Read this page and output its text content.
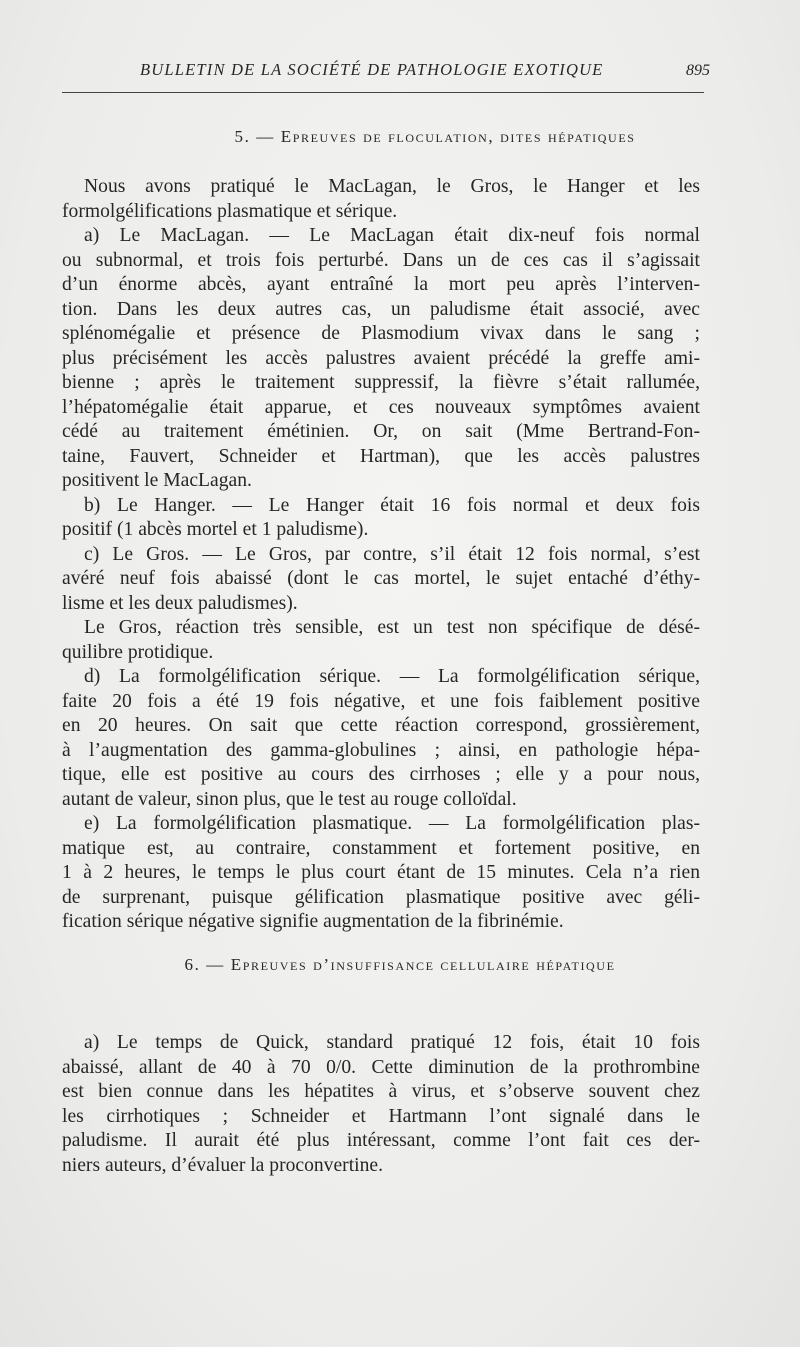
BULLETIN DE LA SOCIÉTÉ DE PATHOLOGIE EXOTIQUE	895
5. — Epreuves de floculation, dites hépatiques
Nous avons pratiqué le MacLagan, le Gros, le Hanger et les
formolgélifications plasmatique et sérique.
a) Le MacLagan. — Le MacLagan était dix-neuf fois normal
ou subnormal, et trois fois perturbé. Dans un de ces cas il s’agissait
d’un énorme abcès, ayant entraîné la mort peu après l’interven-
tion. Dans les deux autres cas, un paludisme était associé, avec
splénomégalie et présence de Plasmodium vivax dans le sang ;
plus précisément les accès palustres avaient précédé la greffe ami-
bienne ; après le traitement suppressif, la fièvre s’était rallumée,
l’hépatomégalie était apparue, et ces nouveaux symptômes avaient
cédé au traitement émétinien. Or, on sait (Mme Bertrand-Fon-
taine, Fauvert, Schneider et Hartman), que les accès palustres
positivent le MacLagan.
b) Le Hanger. — Le Hanger était 16 fois normal et deux fois
positif (1 abcès mortel et 1 paludisme).
c) Le Gros. — Le Gros, par contre, s’il était 12 fois normal, s’est
avéré neuf fois abaissé (dont le cas mortel, le sujet entaché d’éthy-
lisme et les deux paludismes).
Le Gros, réaction très sensible, est un test non spécifique de désé-
quilibre protidique.
d) La formolgélification sérique. — La formolgélification sérique,
faite 20 fois a été 19 fois négative, et une fois faiblement positive
en 20 heures. On sait que cette réaction correspond, grossièrement,
à l’augmentation des gamma-globulines ; ainsi, en pathologie hépa-
tique, elle est positive au cours des cirrhoses ; elle y a pour nous,
autant de valeur, sinon plus, que le test au rouge colloïdal.
e) La formolgélification plasmatique. — La formolgélification plas-
matique est, au contraire, constamment et fortement positive, en
1 à 2 heures, le temps le plus court étant de 15 minutes. Cela n’a rien
de surprenant, puisque gélification plasmatique positive avec géli-
fication sérique négative signifie augmentation de la fibrinémie.
6. — Epreuves d’insuffisance cellulaire hépatique
a) Le temps de Quick, standard pratiqué 12 fois, était 10 fois
abaissé, allant de 40 à 70 0/0. Cette diminution de la prothrombine
est bien connue dans les hépatites à virus, et s’observe souvent chez
les cirrhotiques ; Schneider et Hartmann l’ont signalé dans le
paludisme. Il aurait été plus intéressant, comme l’ont fait ces der-
niers auteurs, d’évaluer la proconvertine.
